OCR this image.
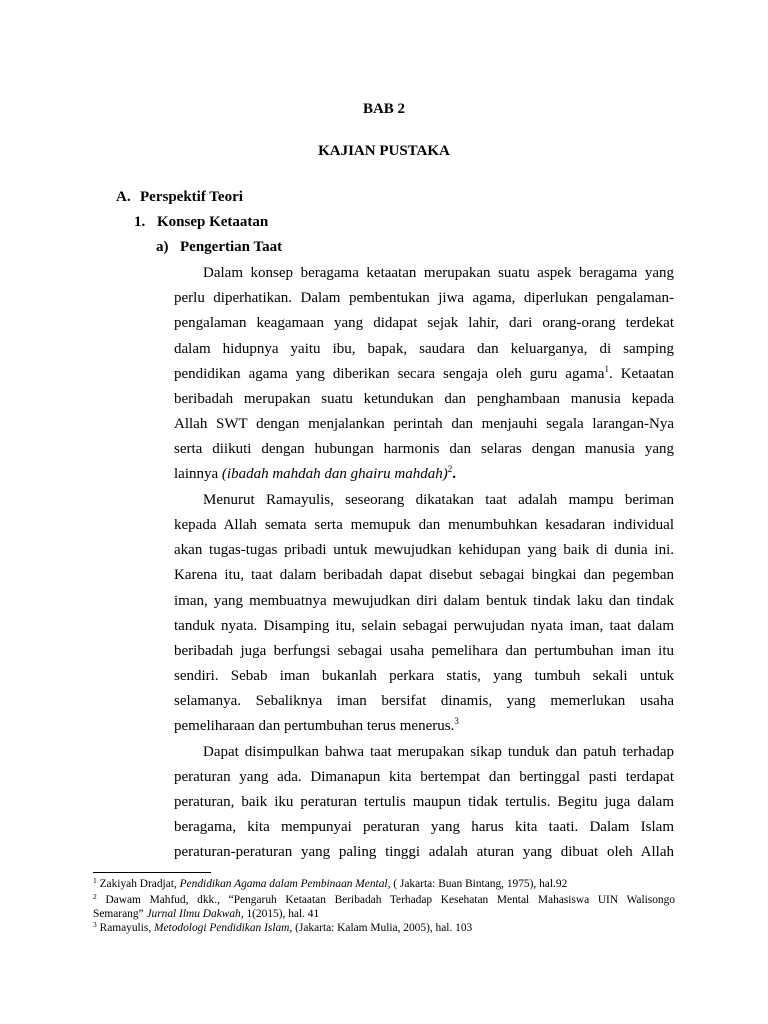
BAB 2
KAJIAN PUSTAKA
A. Perspektif Teori
1. Konsep Ketaatan
a) Pengertian Taat
Dalam konsep beragama ketaatan merupakan suatu aspek beragama yang
perlu diperhatikan. Dalam pembentukan jiwa agama, diperlukan pengalaman-
pengalaman keagamaan yang didapat sejak lahir, dari orang-orang terdekat
dalam hidupnya yaitu ibu, bapak, saudara dan keluarganya, di samping
pendidikan agama yang diberikan secara sengaja oleh guru agama$^1$. Ketaatan
beribadah merupakan suatu ketundukan dan penghambaan manusia kepada
Allah SWT dengan menjalankan perintah dan menjauhi segala larangan-Nya
serta diikuti dengan hubungan harmonis dan selaras dengan manusia yang
lainnya (ibadah mahdah dan ghairu mahdah)$^2$.
Menurut Ramayulis, seseorang dikatakan taat adalah mampu beriman
kepada Allah semata serta memupuk dan menumbuhkan kesadaran individual
akan tugas-tugas pribadi untuk mewujudkan kehidupan yang baik di dunia ini.
Karena itu, taat dalam beribadah dapat disebut sebagai bingkai dan pegemban
iman, yang membuatnya mewujudkan diri dalam bentuk tindak laku dan tindak
tanduk nyata. Disamping itu, selain sebagai perwujudan nyata iman, taat dalam
beribadah juga berfungsi sebagai usaha pemelihara dan pertumbuhan iman itu
sendiri. Sebab iman bukanlah perkara statis, yang tumbuh sekali untuk
selamanya. Sebaliknya iman bersifat dinamis, yang memerlukan usaha
pemeliharaan dan pertumbuhan terus menerus.$^3$
Dapat disimpulkan bahwa taat merupakan sikap tunduk dan patuh terhadap
peraturan yang ada. Dimanapun kita bertempat dan bertinggal pasti terdapat
peraturan, baik iku peraturan tertulis maupun tidak tertulis. Begitu juga dalam
beragama, kita mempunyai peraturan yang harus kita taati. Dalam Islam
peraturan-peraturan yang paling tinggi adalah aturan yang dibuat oleh Allah
$^1$ Zakiyah Dradjat, Pendidikan Agama dalam Pembinaan Mental, ( Jakarta: Buan Bintang, 1975), hal.92
$^2$ Dawam Mahfud, dkk., “Pengaruh Ketaatan Beribadah Terhadap Kesehatan Mental Mahasiswa UIN Walisongo
Semarang” Jurnal Ilmu Dakwah, 1(2015), hal. 41
$^3$ Ramayulis, Metodologi Pendidikan Islam, (Jakarta: Kalam Mulia, 2005), hal. 103
